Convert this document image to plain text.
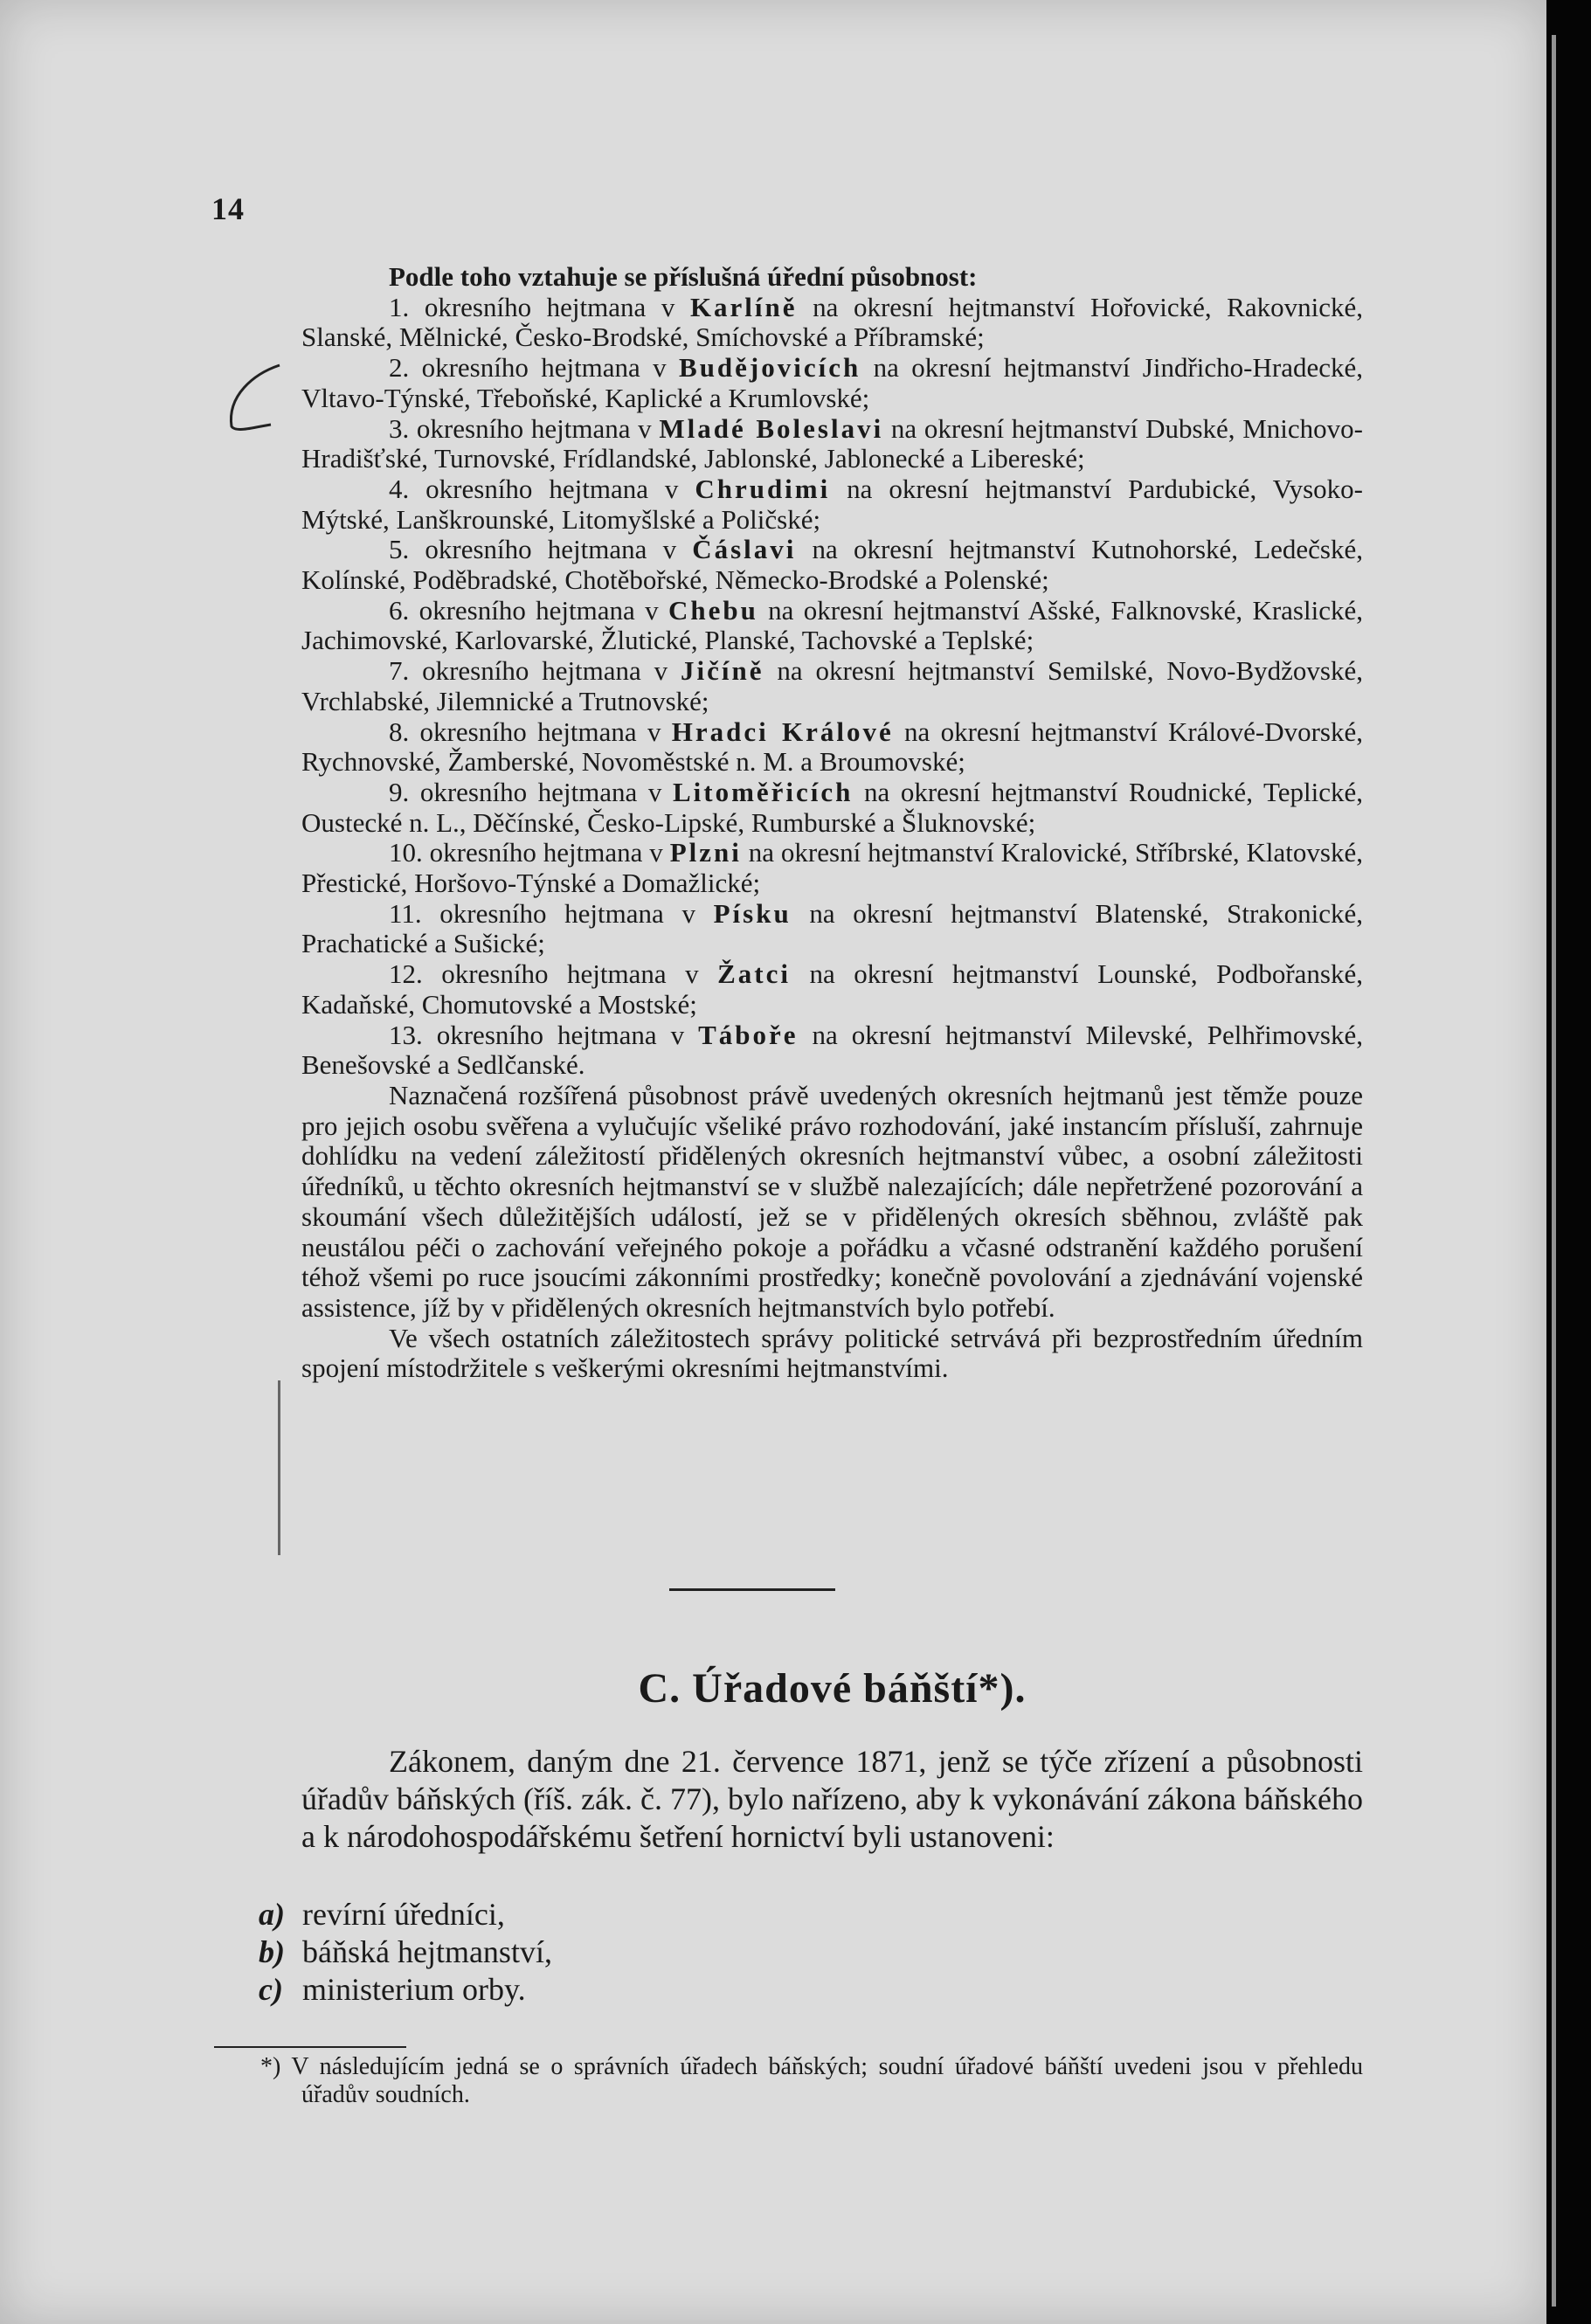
14

Podle toho vztahuje se příslušná úřední působnost:

1. okresního hejtmana v Karlíně na okresní hejtmanství Hořovické, Rakovnické, Slanské, Mělnické, Česko-Brodské, Smíchovské a Příbramské;

2. okresního hejtmana v Budějovicích na okresní hejtmanství Jindřicho-Hradecké, Vltavo-Týnské, Třeboňské, Kaplické a Krumlovské;

3. okresního hejtmana v Mladé Boleslavi na okresní hejtmanství Dubské, Mnichovo-Hradišťské, Turnovské, Frídlandské, Jablonské, Jablonecké a Libereské;

4. okresního hejtmana v Chrudimi na okresní hejtmanství Pardubické, Vysoko-Mýtské, Lanškrounské, Litomyšlské a Poličské;

5. okresního hejtmana v Čáslavi na okresní hejtmanství Kutnohorské, Ledečské, Kolínské, Poděbradské, Chotěbořské, Německo-Brodské a Polenské;

6. okresního hejtmana v Chebu na okresní hejtmanství Ašské, Falknovské, Kraslické, Jachimovské, Karlovarské, Žlutické, Planské, Tachovské a Teplské;

7. okresního hejtmana v Jičíně na okresní hejtmanství Semilské, Novo-Bydžovské, Vrchlabské, Jilemnické a Trutnovské;

8. okresního hejtmana v Hradci Králové na okresní hejtmanství Králové-Dvorské, Rychnovské, Žamberské, Novoměstské n. M. a Broumovské;

9. okresního hejtmana v Litoměřicích na okresní hejtmanství Roudnické, Teplické, Oustecké n. L., Děčínské, Česko-Lipské, Rumburské a Šluknovské;

10. okresního hejtmana v Plzni na okresní hejtmanství Kralovické, Stříbrské, Klatovské, Přestické, Horšovo-Týnské a Domažlické;

11. okresního hejtmana v Písku na okresní hejtmanství Blatenské, Strakonické, Prachatické a Sušické;

12. okresního hejtmana v Žatci na okresní hejtmanství Lounské, Podbořanské, Kadaňské, Chomutovské a Mostské;

13. okresního hejtmana v Táboře na okresní hejtmanství Milevské, Pelhřimovské, Benešovské a Sedlčanské.

Naznačená rozšířená působnost právě uvedených okresních hejtmanů jest těmže pouze pro jejich osobu svěřena a vylučujíc všeliké právo rozhodování, jaké instancím přísluší, zahrnuje dohlídku na vedení záležitostí přidělených okresních hejtmanství vůbec, a osobní záležitosti úředníků, u těchto okresních hejtmanství se v službě nalezajících; dále nepřetržené pozorování a skoumání všech důležitějších událostí, jež se v přidělených okresích sběhnou, zvláště pak neustálou péči o zachování veřejného pokoje a pořádku a včasné odstranění každého porušení téhož všemi po ruce jsoucími zákonními prostředky; konečně povolování a zjednávání vojenské assistence, jíž by v přidělených okresních hejtmanstvích bylo potřebí.

Ve všech ostatních záležitostech správy politické setrvává při bezprostředním úředním spojení místodržitele s veškerými okresními hejtmanstvími.

C. Úřadové báňští*).

Zákonem, daným dne 21. července 1871, jenž se týče zřízení a působnosti úřadův báňských (říš. zák. č. 77), bylo nařízeno, aby k vykonávání zákona báňského a k národohospodářskému šetření hornictví byli ustanoveni:

a) revírní úředníci,
b) báňská hejtmanství,
c) ministerium orby.

*) V následujícím jedná se o správních úřadech báňských; soudní úřadové báňští uvedeni jsou v přehledu úřadův soudních.
